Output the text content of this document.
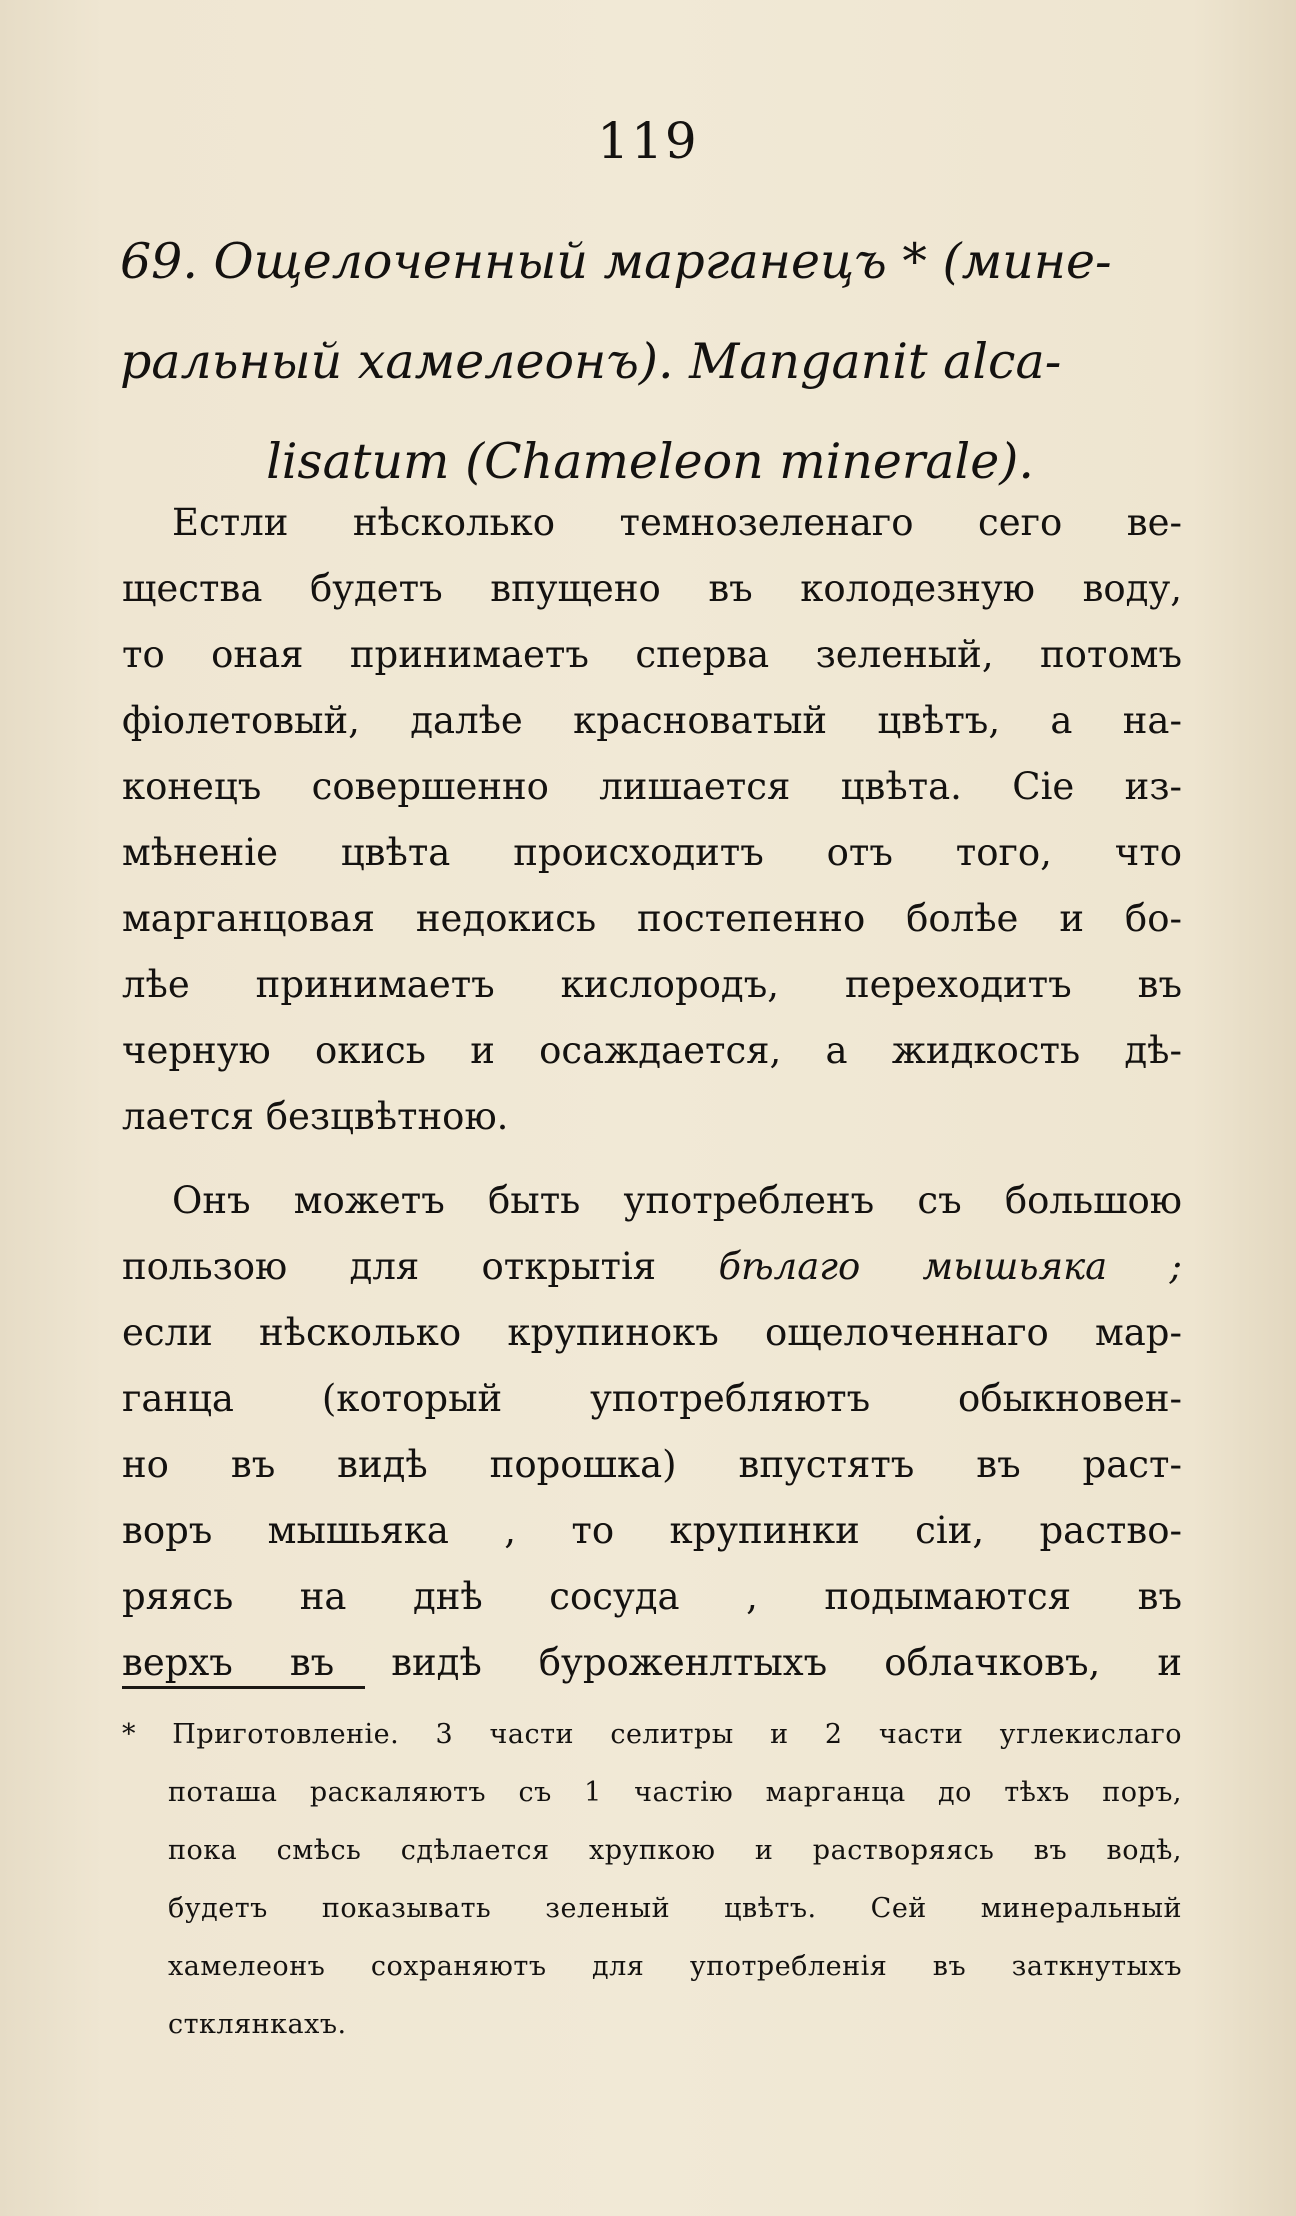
119
69. Ощелоченный марганецъ * (мине-
ральный хамелеонъ). Manganit alca-
lisatum (Chameleon minerale).
Естли нѣсколько темнозеленаго сего ве-
щества будетъ впущено въ колодезную воду,
то оная принимаетъ сперва зеленый, потомъ
фіолетовый, далѣе красноватый цвѣтъ, а на-
конецъ совершенно лишается цвѣта. Сіе из-
мѣненіе цвѣта происходитъ отъ того, что
марганцовая недокись постепенно болѣе и бо-
лѣе принимаетъ кислородъ, переходитъ въ
черную окись и осаждается, а жидкость дѣ-
лается безцвѣтною.
Онъ можетъ быть употребленъ съ большою
пользою для открытія бѣлаго мышьяка ;
если нѣсколько крупинокъ ощелоченнаго мар-
ганца (который употребляютъ обыкновен-
но въ видѣ порошка) впустятъ въ раст-
воръ мышьяка , то крупинки сіи, раство-
ряясь на днѣ сосуда , подымаются въ
верхъ въ видѣ буроженлтыхъ облачковъ, и
* Приготовленіе. 3 части селитры и 2 части углекислаго
поташа раскаляютъ съ 1 частію марганца до тѣхъ поръ,
пока смѣсь сдѣлается хрупкою и растворяясь въ водѣ,
будетъ показывать зеленый цвѣтъ. Сей минеральный
хамелеонъ сохраняютъ для употребленія въ заткнутыхъ
стклянкахъ.
